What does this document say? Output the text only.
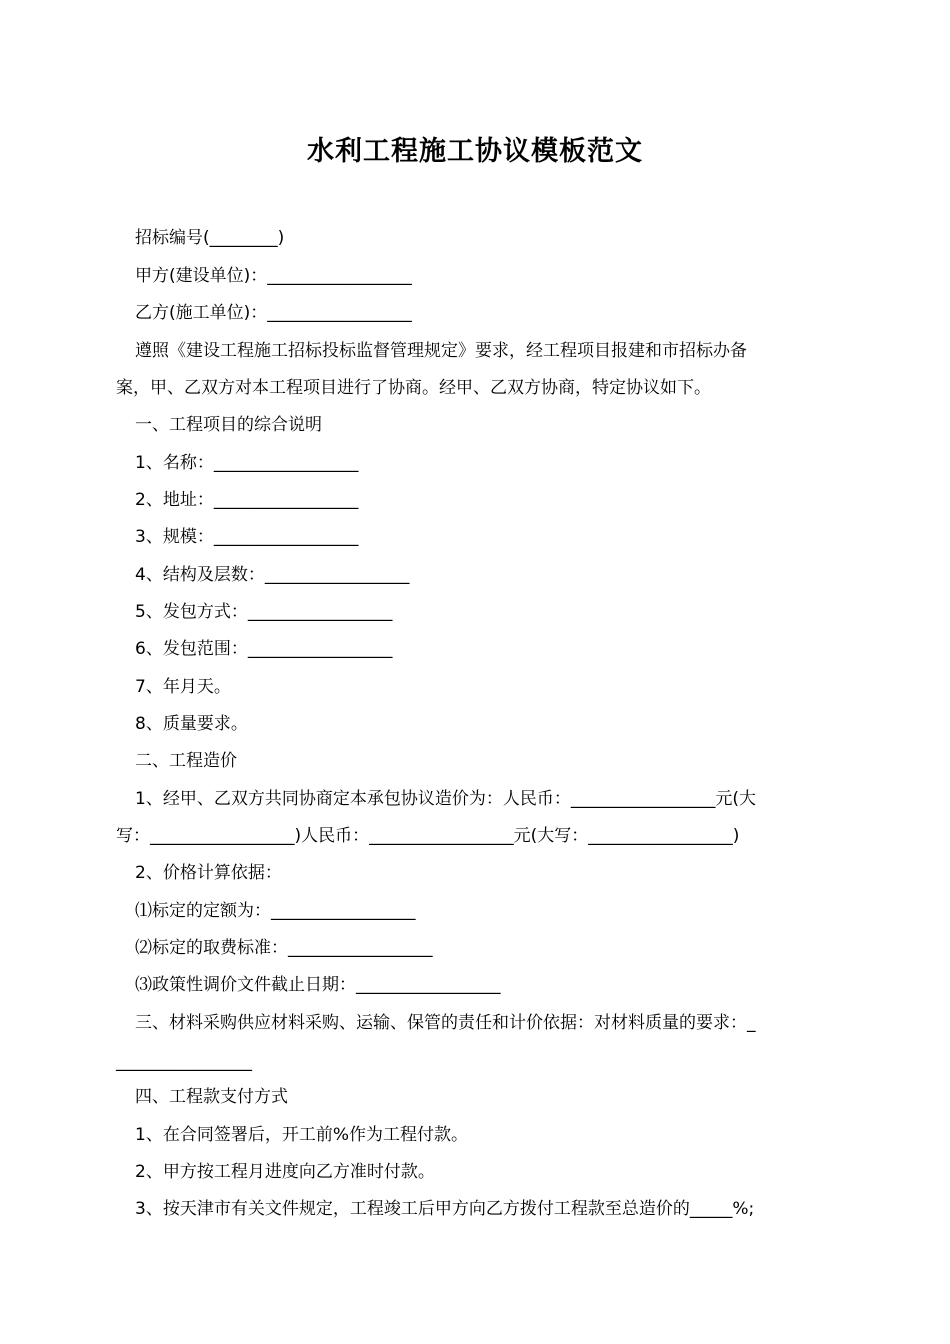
水利工程施工协议模板范文
招标编号(________)
甲方(建设单位)：_________________
乙方(施工单位)：_________________
遵照《建设工程施工招标投标监督管理规定》要求，经工程项目报建和市招标办备
案，甲、乙双方对本工程项目进行了协商。经甲、乙双方协商，特定协议如下。
一、工程项目的综合说明
1、名称：_________________
2、地址：_________________
3、规模：_________________
4、结构及层数：_________________
5、发包方式：_________________
6、发包范围：_________________
7、年月天。
8、质量要求。
二、工程造价
1、经甲、乙双方共同协商定本承包协议造价为：人民币：_________________元(大
写：_________________)人民币：_________________元(大写：_________________)
2、价格计算依据：
⑴标定的定额为：_________________
⑵标定的取费标准：_________________
⑶政策性调价文件截止日期：_________________
三、材料采购供应材料采购、运输、保管的责任和计价依据：对材料质量的要求：_
________________
四、工程款支付方式
1、在合同签署后，开工前%作为工程付款。
2、甲方按工程月进度向乙方准时付款。
3、按天津市有关文件规定，工程竣工后甲方向乙方拨付工程款至总造价的_____%;
